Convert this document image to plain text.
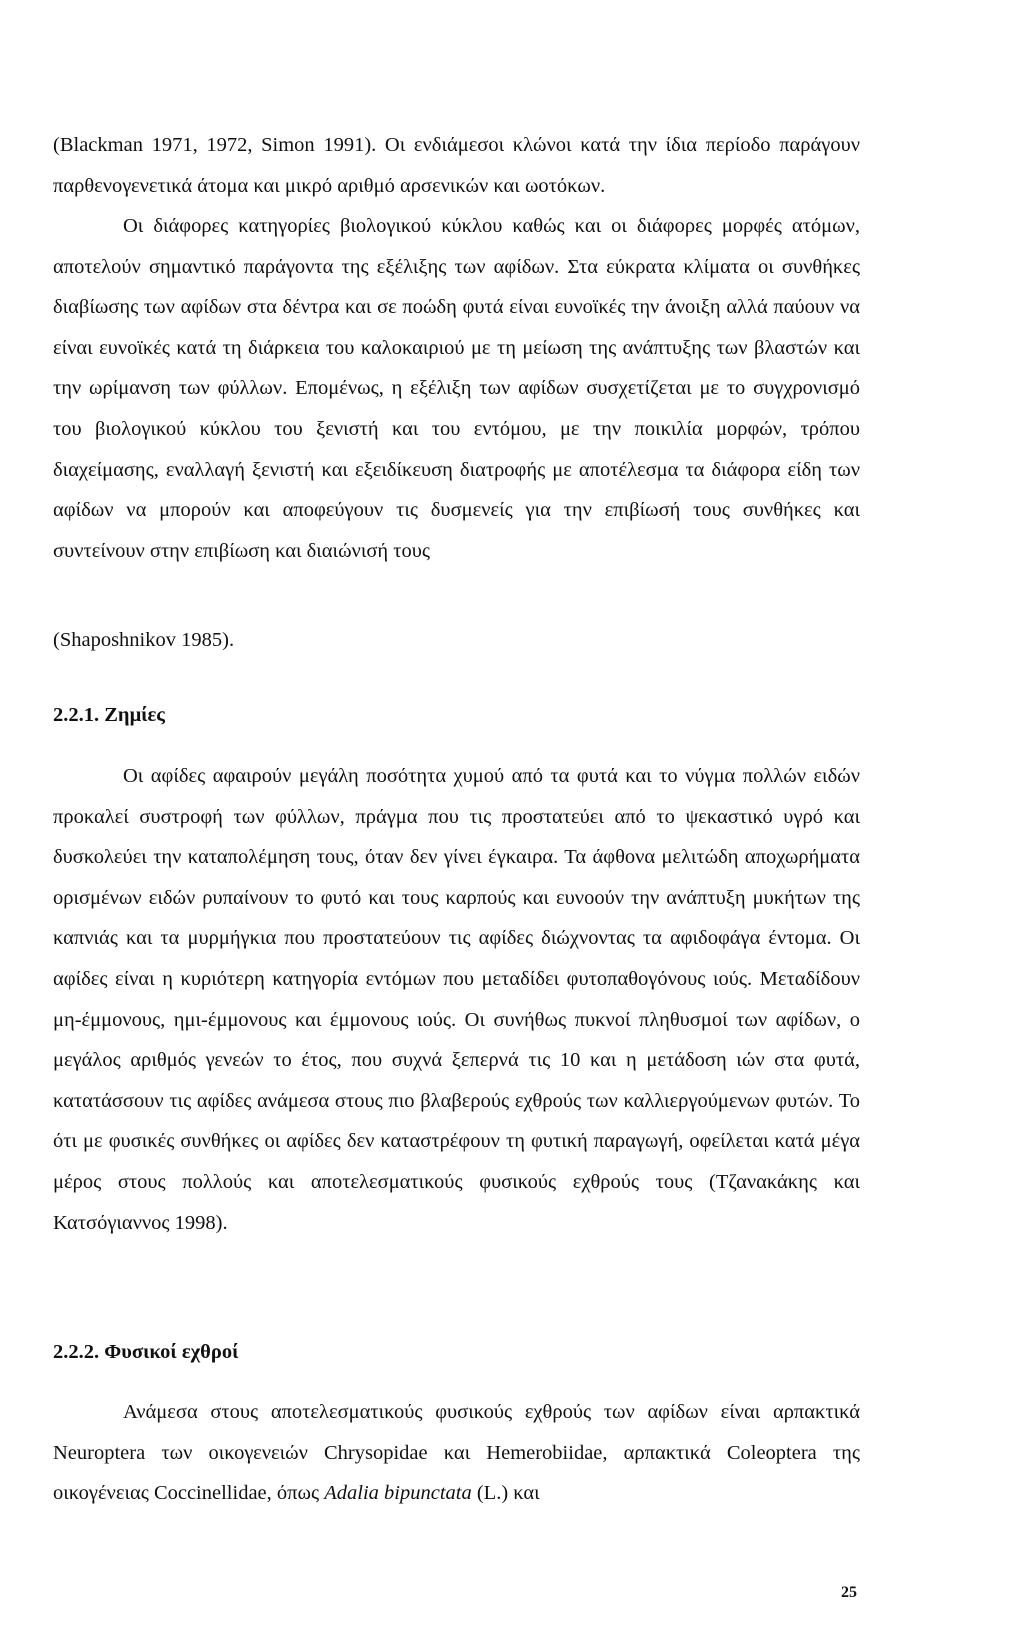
(Blackman 1971, 1972, Simon 1991). Οι ενδιάμεσοι κλώνοι κατά την ίδια περίοδο παράγουν παρθενογενετικά άτομα και μικρό αριθμό αρσενικών και ωοτόκων.

Οι διάφορες κατηγορίες βιολογικού κύκλου καθώς και οι διάφορες μορφές ατόμων, αποτελούν σημαντικό παράγοντα της εξέλιξης των αφίδων. Στα εύκρατα κλίματα οι συνθήκες διαβίωσης των αφίδων στα δέντρα και σε ποώδη φυτά είναι ευνοϊκές την άνοιξη αλλά παύουν να είναι ευνοϊκές κατά τη διάρκεια του καλοκαιριού με τη μείωση της ανάπτυξης των βλαστών και την ωρίμανση των φύλλων. Επομένως, η εξέλιξη των αφίδων συσχετίζεται με το συγχρονισμό του βιολογικού κύκλου του ξενιστή και του εντόμου, με την ποικιλία μορφών, τρόπου διαχείμασης, εναλλαγή ξενιστή και εξειδίκευση διατροφής με αποτέλεσμα τα διάφορα είδη των αφίδων να μπορούν και αποφεύγουν τις δυσμενείς για την επιβίωσή τους συνθήκες και συντείνουν στην επιβίωση και διαιώνισή τους

(Shaposhnikov 1985).

2.2.1. Ζημίες

Οι αφίδες αφαιρούν μεγάλη ποσότητα χυμού από τα φυτά και το νύγμα πολλών ειδών προκαλεί συστροφή των φύλλων, πράγμα που τις προστατεύει από το ψεκαστικό υγρό και δυσκολεύει την καταπολέμηση τους, όταν δεν γίνει έγκαιρα. Τα άφθονα μελιτώδη αποχωρήματα ορισμένων ειδών ρυπαίνουν το φυτό και τους καρπούς και ευνοούν την ανάπτυξη μυκήτων της καπνιάς και τα μυρμήγκια που προστατεύουν τις αφίδες διώχνοντας τα αφιδοφάγα έντομα. Οι αφίδες είναι η κυριότερη κατηγορία εντόμων που μεταδίδει φυτοπαθογόνους ιούς. Μεταδίδουν μη-έμμονους, ημι-έμμονους και έμμονους ιούς. Οι συνήθως πυκνοί πληθυσμοί των αφίδων, ο μεγάλος αριθμός γενεών το έτος, που συχνά ξεπερνά τις 10 και η μετάδοση ιών στα φυτά, κατατάσσουν τις αφίδες ανάμεσα στους πιο βλαβερούς εχθρούς των καλλιεργούμενων φυτών. Το ότι με φυσικές συνθήκες οι αφίδες δεν καταστρέφουν τη φυτική παραγωγή, οφείλεται κατά μέγα μέρος στους πολλούς και αποτελεσματικούς φυσικούς εχθρούς τους (Τζανακάκης και Κατσόγιαννος 1998).

2.2.2. Φυσικοί εχθροί

Ανάμεσα στους αποτελεσματικούς φυσικούς εχθρούς των αφίδων είναι αρπακτικά Neuroptera των οικογενειών Chrysopidae και Hemerobiidae, αρπακτικά Coleoptera της οικογένειας Coccinellidae, όπως Adalia bipunctata (L.) και

25
